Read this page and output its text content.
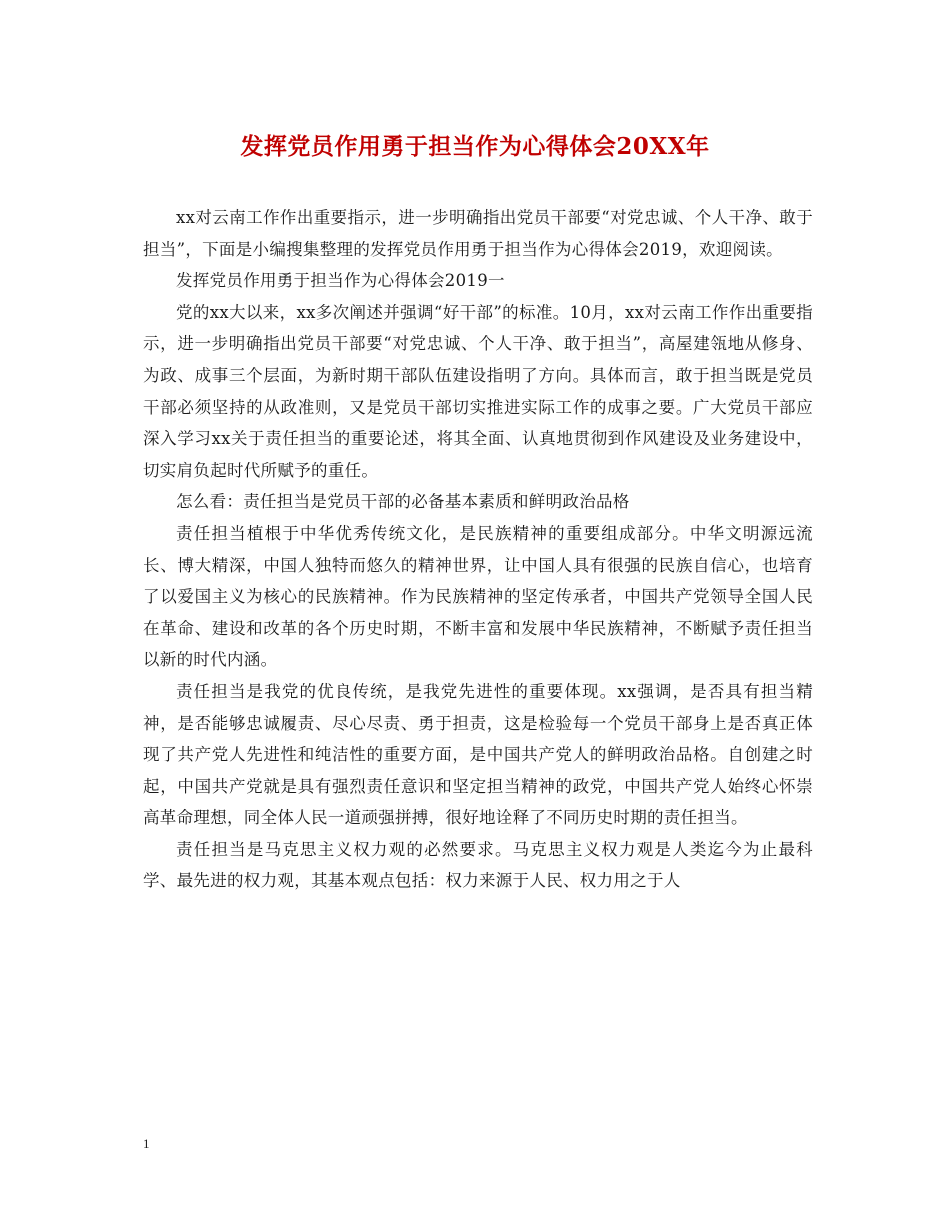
发挥党员作用勇于担当作为心得体会20XX年

xx对云南工作作出重要指示，进一步明确指出党员干部要“对党忠诚、个人干净、敢于担当”，下面是小编搜集整理的发挥党员作用勇于担当作为心得体会2019，欢迎阅读。

发挥党员作用勇于担当作为心得体会2019一

党的xx大以来，xx多次阐述并强调“好干部”的标准。10月，xx对云南工作作出重要指示，进一步明确指出党员干部要“对党忠诚、个人干净、敢于担当”，高屋建瓴地从修身、为政、成事三个层面，为新时期干部队伍建设指明了方向。具体而言，敢于担当既是党员干部必须坚持的从政准则，又是党员干部切实推进实际工作的成事之要。广大党员干部应深入学习xx关于责任担当的重要论述，将其全面、认真地贯彻到作风建设及业务建设中，切实肩负起时代所赋予的重任。

怎么看：责任担当是党员干部的必备基本素质和鲜明政治品格

责任担当植根于中华优秀传统文化，是民族精神的重要组成部分。中华文明源远流长、博大精深，中国人独特而悠久的精神世界，让中国人具有很强的民族自信心，也培育了以爱国主义为核心的民族精神。作为民族精神的坚定传承者，中国共产党领导全国人民在革命、建设和改革的各个历史时期，不断丰富和发展中华民族精神，不断赋予责任担当以新的时代内涵。

责任担当是我党的优良传统，是我党先进性的重要体现。xx强调，是否具有担当精神，是否能够忠诚履责、尽心尽责、勇于担责，这是检验每一个党员干部身上是否真正体现了共产党人先进性和纯洁性的重要方面，是中国共产党人的鲜明政治品格。自创建之时起，中国共产党就是具有强烈责任意识和坚定担当精神的政党，中国共产党人始终心怀崇高革命理想，同全体人民一道顽强拼搏，很好地诠释了不同历史时期的责任担当。

责任担当是马克思主义权力观的必然要求。马克思主义权力观是人类迄今为止最科学、最先进的权力观，其基本观点包括：权力来源于人民、权力用之于人

1
